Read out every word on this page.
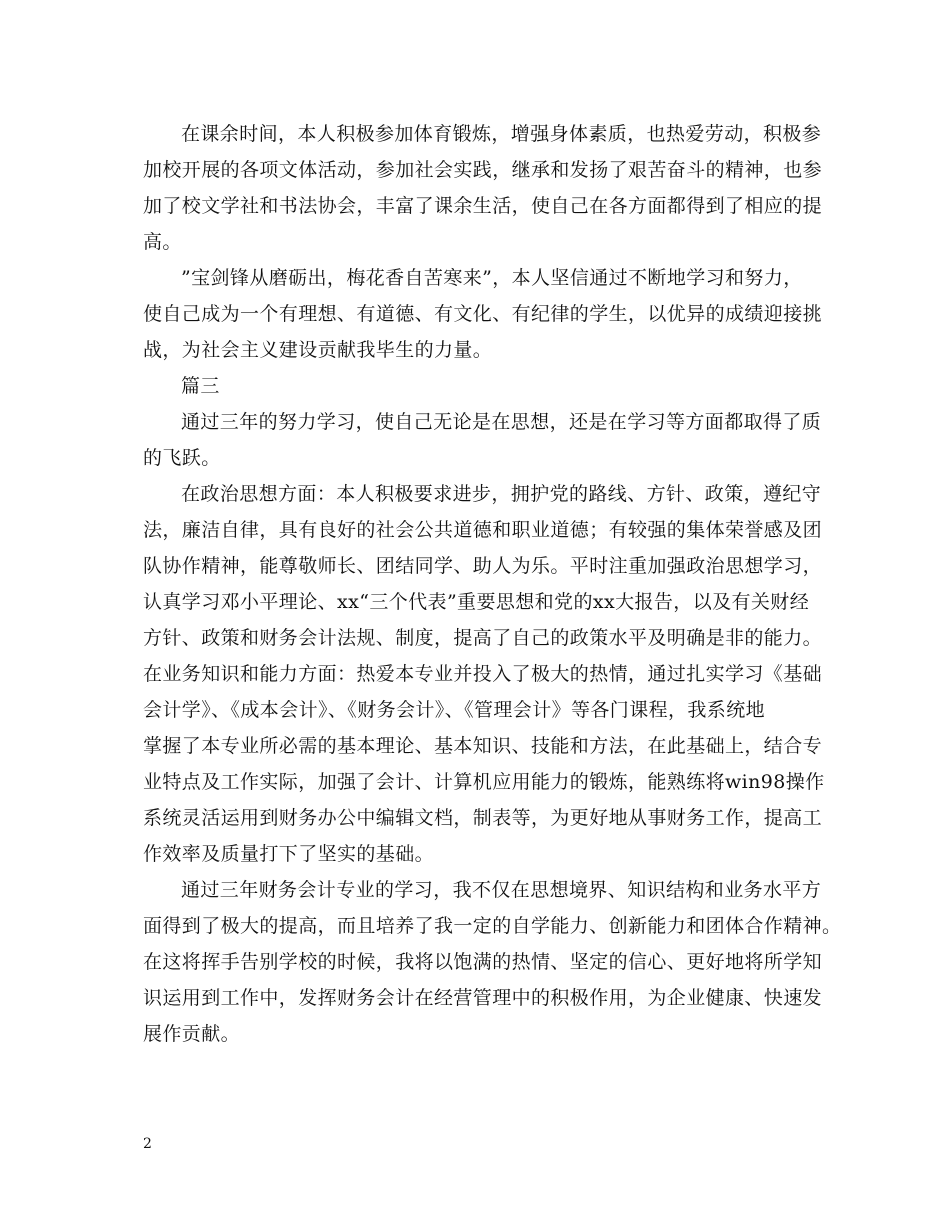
在课余时间，本人积极参加体育锻炼，增强身体素质，也热爱劳动，积极参
加校开展的各项文体活动，参加社会实践，继承和发扬了艰苦奋斗的精神，也参
加了校文学社和书法协会，丰富了课余生活，使自己在各方面都得到了相应的提
高。
”宝剑锋从磨砺出，梅花香自苦寒来”，本人坚信通过不断地学习和努力，
使自己成为一个有理想、有道德、有文化、有纪律的学生，以优异的成绩迎接挑
战，为社会主义建设贡献我毕生的力量。
篇三
通过三年的努力学习，使自己无论是在思想，还是在学习等方面都取得了质
的飞跃。
在政治思想方面：本人积极要求进步，拥护党的路线、方针、政策，遵纪守
法，廉洁自律，具有良好的社会公共道德和职业道德；有较强的集体荣誉感及团
队协作精神，能尊敬师长、团结同学、助人为乐。平时注重加强政治思想学习，
认真学习邓小平理论、xx“三个代表”重要思想和党的xx大报告，以及有关财经
方针、政策和财务会计法规、制度，提高了自己的政策水平及明确是非的能力。
在业务知识和能力方面：热爱本专业并投入了极大的热情，通过扎实学习《基础
会计学》、《成本会计》、《财务会计》、《管理会计》等各门课程，我系统地
掌握了本专业所必需的基本理论、基本知识、技能和方法，在此基础上，结合专
业特点及工作实际，加强了会计、计算机应用能力的锻炼，能熟练将win98操作
系统灵活运用到财务办公中编辑文档，制表等，为更好地从事财务工作，提高工
作效率及质量打下了坚实的基础。
通过三年财务会计专业的学习，我不仅在思想境界、知识结构和业务水平方
面得到了极大的提高，而且培养了我一定的自学能力、创新能力和团体合作精神。
在这将挥手告别学校的时候，我将以饱满的热情、坚定的信心、更好地将所学知
识运用到工作中，发挥财务会计在经营管理中的积极作用，为企业健康、快速发
展作贡献。
2
